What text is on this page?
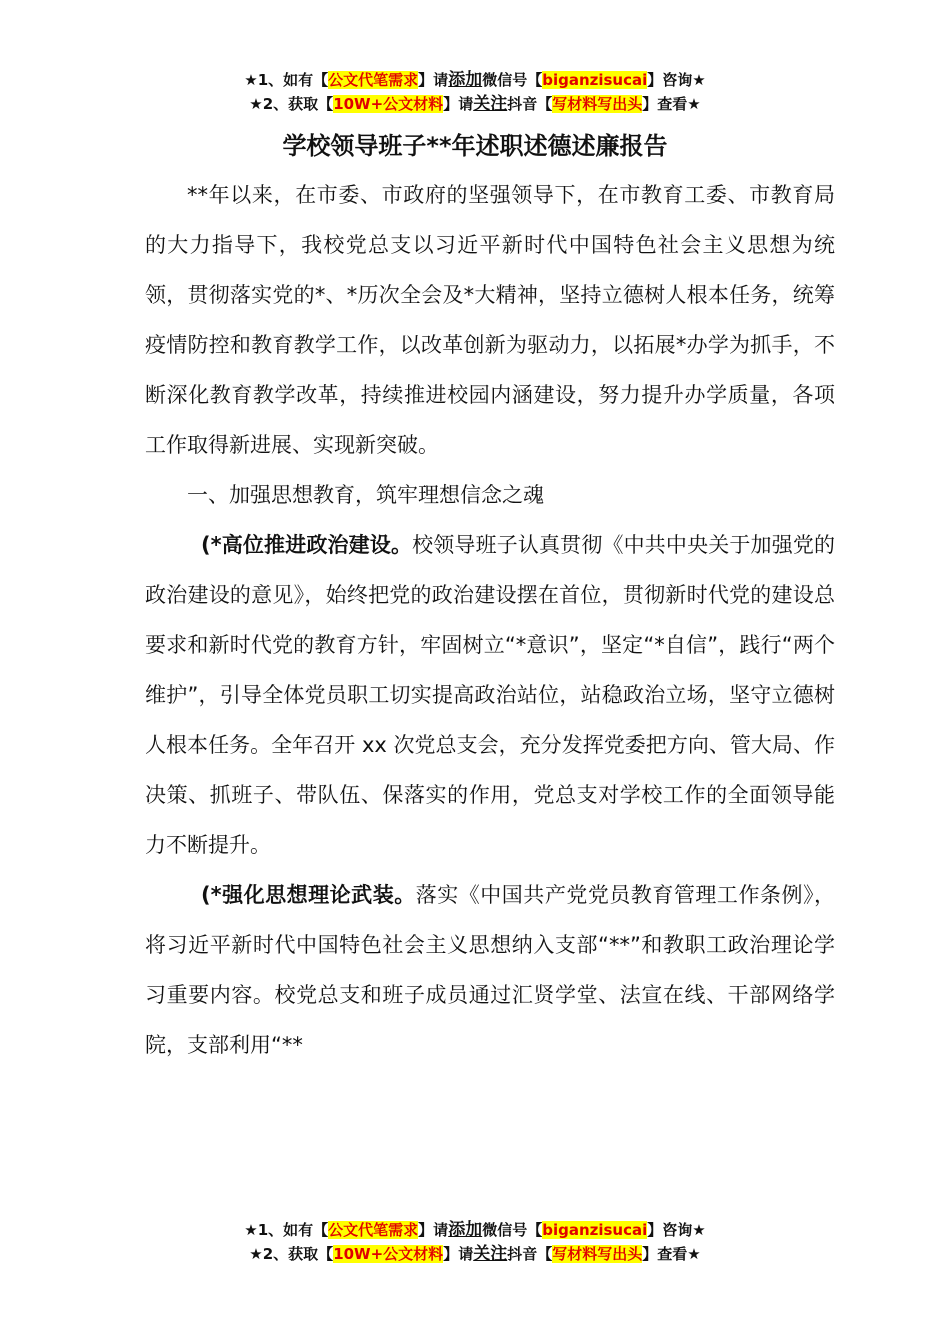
★1、如有【公文代笔需求】请添加微信号【biganzisucai】咨询★
★2、获取【10W+公文材料】请关注抖音【写材料写出头】查看★
学校领导班子**年述职述德述廉报告

**年以来，在市委、市政府的坚强领导下，在市教育工委、市教育局的大力指导下，我校党总支以习近平新时代中国特色社会主义思想为统领，贯彻落实党的*、*历次全会及*大精神，坚持立德树人根本任务，统筹疫情防控和教育教学工作，以改革创新为驱动力，以拓展*办学为抓手，不断深化教育教学改革，持续推进校园内涵建设，努力提升办学质量，各项工作取得新进展、实现新突破。

一、加强思想教育，筑牢理想信念之魂

(*高位推进政治建设。校领导班子认真贯彻《中共中央关于加强党的政治建设的意见》，始终把党的政治建设摆在首位，贯彻新时代党的建设总要求和新时代党的教育方针，牢固树立“*意识”，坚定“*自信”，践行“两个维护”，引导全体党员职工切实提高政治站位，站稳政治立场，坚守立德树人根本任务。全年召开 xx 次党总支会，充分发挥党委把方向、管大局、作决策、抓班子、带队伍、保落实的作用，党总支对学校工作的全面领导能力不断提升。

(*强化思想理论武装。落实《中国共产党党员教育管理工作条例》，将习近平新时代中国特色社会主义思想纳入支部“**”和教职工政治理论学习重要内容。校党总支和班子成员通过汇贤学堂、法宣在线、干部网络学院，支部利用“**

★1、如有【公文代笔需求】请添加微信号【biganzisucai】咨询★
★2、获取【10W+公文材料】请关注抖音【写材料写出头】查看★
